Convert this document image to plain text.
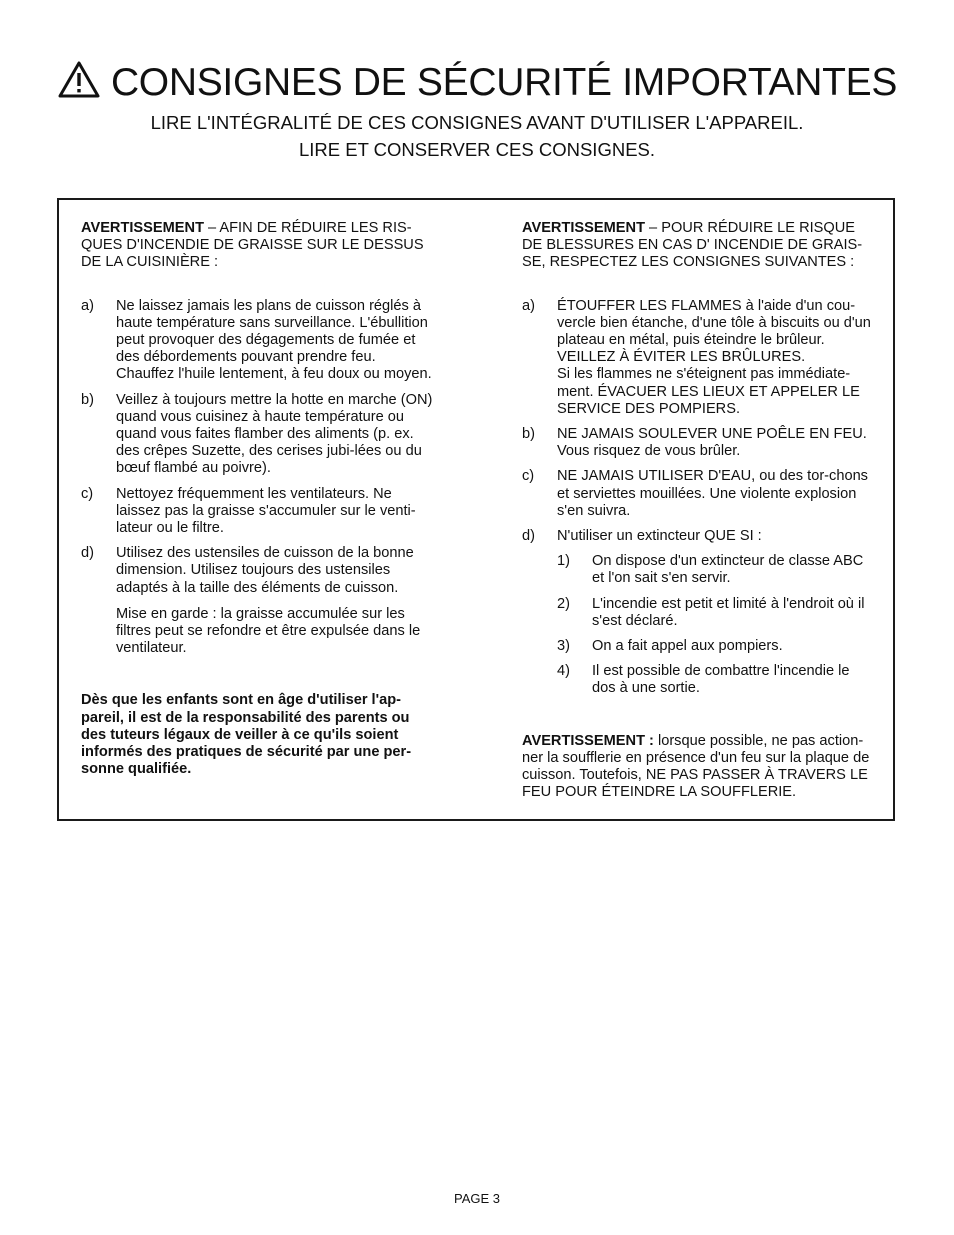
CONSIGNES DE SÉCURITÉ IMPORTANTES
LIRE L'INTÉGRALITÉ DE CES CONSIGNES AVANT D'UTILISER L'APPAREIL.
LIRE ET CONSERVER CES CONSIGNES.

AVERTISSEMENT – AFIN DE RÉDUIRE LES RIS-QUES D'INCENDIE DE GRAISSE SUR LE DESSUS DE LA CUISINIÈRE :

a)	Ne laissez jamais les plans de cuisson réglés à haute température sans surveillance. L'ébullition peut provoquer des dégagements de fumée et des débordements pouvant prendre feu. Chauffez l'huile lentement, à feu doux ou moyen.
b)	Veillez à toujours mettre la hotte en marche (ON) quand vous cuisinez à haute température ou quand vous faites flamber des aliments (p. ex. des crêpes Suzette, des cerises jubi-lées ou du bœuf flambé au poivre).
c)	Nettoyez fréquemment les ventilateurs. Ne laissez pas la graisse s'accumuler sur le venti-lateur ou le filtre.
d)	Utilisez des ustensiles de cuisson de la bonne dimension. Utilisez toujours des ustensiles adaptés à la taille des éléments de cuisson.
Mise en garde : la graisse accumulée sur les filtres peut se refondre et être expulsée dans le ventilateur.
Dès que les enfants sont en âge d'utiliser l'ap-pareil, il est de la responsabilité des parents ou des tuteurs légaux de veiller à ce qu'ils soient informés des pratiques de sécurité par une per-sonne qualifiée.

AVERTISSEMENT – POUR RÉDUIRE LE RISQUE DE BLESSURES EN CAS D' INCENDIE DE GRAIS-SE, RESPECTEZ LES CONSIGNES SUIVANTES :

a)	ÉTOUFFER LES FLAMMES à l'aide d'un cou-vercle bien étanche, d'une tôle à biscuits ou d'un plateau en métal, puis éteindre le brûleur. VEILLEZ À ÉVITER LES BRÛLURES.
Si les flammes ne s'éteignent pas immédiate-ment. ÉVACUER LES LIEUX ET APPELER LE SERVICE DES POMPIERS.
b)	NE JAMAIS SOULEVER UNE POÊLE EN FEU. Vous risquez de vous brûler.
c)	NE JAMAIS UTILISER D'EAU, ou des tor-chons et serviettes mouillées. Une violente explosion s'en suivra.
d)	N'utiliser un extincteur QUE SI :
1)	On dispose d'un extincteur de classe ABC et l'on sait s'en servir.
2)	L'incendie est petit et limité à l'endroit où il s'est déclaré.
3)	On a fait appel aux pompiers.
4)	Il est possible de combattre l'incendie le dos à une sortie.
AVERTISSEMENT : lorsque possible, ne pas action-ner la soufflerie en présence d'un feu sur la plaque de cuisson. Toutefois, NE PAS PASSER À TRAVERS LE FEU POUR ÉTEINDRE LA SOUFFLERIE.
PAGE 3
